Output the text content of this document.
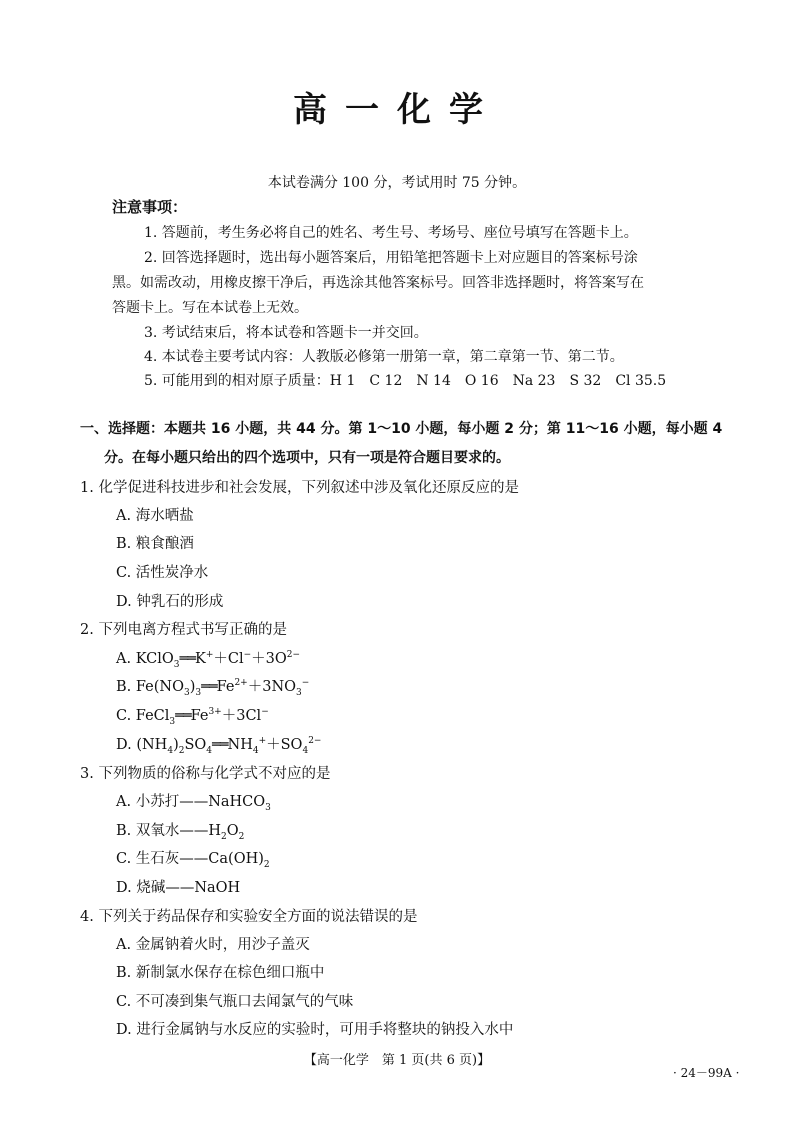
高一化学
本试卷满分 100 分，考试用时 75 分钟。
注意事项：
1. 答题前，考生务必将自己的姓名、考生号、考场号、座位号填写在答题卡上。
2. 回答选择题时，选出每小题答案后，用铅笔把答题卡上对应题目的答案标号涂
黑。如需改动，用橡皮擦干净后，再选涂其他答案标号。回答非选择题时，将答案写在
答题卡上。写在本试卷上无效。
3. 考试结束后，将本试卷和答题卡一并交回。
4. 本试卷主要考试内容：人教版必修第一册第一章，第二章第一节、第二节。
5. 可能用到的相对原子质量：H 1　C 12　N 14　O 16　Na 23　S 32　Cl 35.5
一、选择题：本题共 16 小题，共 44 分。第 1～10 小题，每小题 2 分；第 11～16 小题，每小题 4
分。在每小题只给出的四个选项中，只有一项是符合题目要求的。
1. 化学促进科技进步和社会发展，下列叙述中涉及氧化还原反应的是
A. 海水晒盐
B. 粮食酿酒
C. 活性炭净水
D. 钟乳石的形成
2. 下列电离方程式书写正确的是
A. $KClO_3══K^++Cl^-+3O^{2-}$
B. $Fe(NO_3)_3══Fe^{2+}+3NO_3^-$
C. $FeCl_3══Fe^{3+}+3Cl^-$
D. $(NH_4)_2SO_4══NH_4^++SO_4^{2-}$
3. 下列物质的俗称与化学式不对应的是
A. 小苏打——NaHCO$_3$
B. 双氧水$——H_2O_2$
C. 生石灰$——Ca(OH)_2$
D. 烧碱——NaOH
4. 下列关于药品保存和实验安全方面的说法错误的是
A. 金属钠着火时，用沙子盖灭
B. 新制氯水保存在棕色细口瓶中
C. 不可凑到集气瓶口去闻氯气的气味
D. 进行金属钠与水反应的实验时，可用手将整块的钠投入水中
【高一化学　第 1 页(共 6 页)】
· 24－99A ·
